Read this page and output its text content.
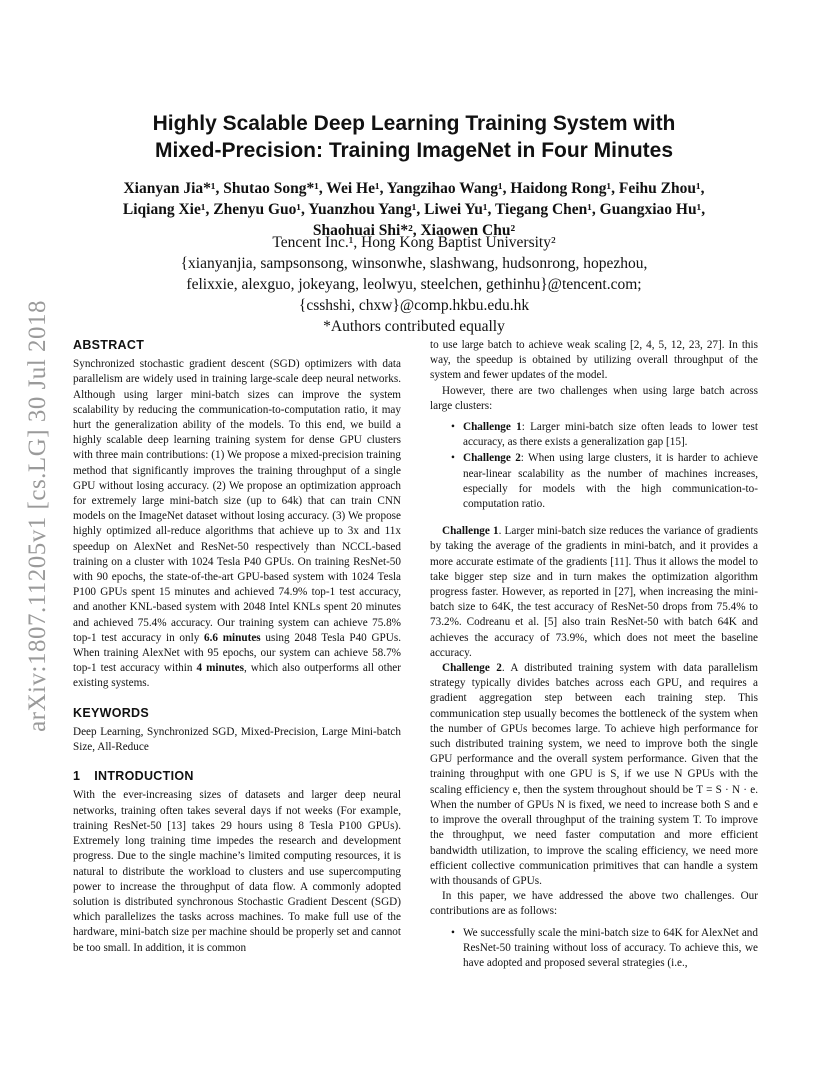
arXiv:1807.11205v1 [cs.LG] 30 Jul 2018
Highly Scalable Deep Learning Training System with
Mixed-Precision: Training ImageNet in Four Minutes
Xianyan Jia*¹, Shutao Song*¹, Wei He¹, Yangzihao Wang¹, Haidong Rong¹, Feihu Zhou¹,
Liqiang Xie¹, Zhenyu Guo¹, Yuanzhou Yang¹, Liwei Yu¹, Tiegang Chen¹, Guangxiao Hu¹,
Shaohuai Shi*², Xiaowen Chu²
Tencent Inc.¹, Hong Kong Baptist University²
{xianyanjia, sampsonsong, winsonwhe, slashwang, hudsonrong, hopezhou,
felixxie, alexguo, jokeyang, leolwyu, steelchen, gethinhu}@tencent.com;
{csshshi, chxw}@comp.hkbu.edu.hk
*Authors contributed equally
ABSTRACT

Synchronized stochastic gradient descent (SGD) optimizers with data parallelism are widely used in training large-scale deep neural networks. Although using larger mini-batch sizes can improve the system scalability by reducing the communication-to-computation ratio, it may hurt the generalization ability of the models. To this end, we build a highly scalable deep learning training system for dense GPU clusters with three main contributions: (1) We propose a mixed-precision training method that significantly improves the training throughput of a single GPU without losing accuracy. (2) We propose an optimization approach for extremely large mini-batch size (up to 64k) that can train CNN models on the ImageNet dataset without losing accuracy. (3) We propose highly optimized all-reduce algorithms that achieve up to 3x and 11x speedup on AlexNet and ResNet-50 respectively than NCCL-based training on a cluster with 1024 Tesla P40 GPUs. On training ResNet-50 with 90 epochs, the state-of-the-art GPU-based system with 1024 Tesla P100 GPUs spent 15 minutes and achieved 74.9% top-1 test accuracy, and another KNL-based system with 2048 Intel KNLs spent 20 minutes and achieved 75.4% accuracy. Our training system can achieve 75.8% top-1 test accuracy in only 6.6 minutes using 2048 Tesla P40 GPUs. When training AlexNet with 95 epochs, our system can achieve 58.7% top-1 test accuracy within 4 minutes, which also outperforms all other existing systems.

KEYWORDS

Deep Learning, Synchronized SGD, Mixed-Precision, Large Mini-batch Size, All-Reduce

1 INTRODUCTION

With the ever-increasing sizes of datasets and larger deep neural networks, training often takes several days if not weeks (For example, training ResNet-50 [13] takes 29 hours using 8 Tesla P100 GPUs). Extremely long training time impedes the research and development progress. Due to the single machine’s limited computing resources, it is natural to distribute the workload to clusters and use supercomputing power to increase the throughput of data flow. A commonly adopted solution is distributed synchronous Stochastic Gradient Descent (SGD) which parallelizes the tasks across machines. To make full use of the hardware, mini-batch size per machine should be properly set and cannot be too small. In addition, it is common

to use large batch to achieve weak scaling [2, 4, 5, 12, 23, 27]. In this way, the speedup is obtained by utilizing overall throughput of the system and fewer updates of the model.

However, there are two challenges when using large batch across large clusters:

• Challenge 1: Larger mini-batch size often leads to lower test accuracy, as there exists a generalization gap [15].
• Challenge 2: When using large clusters, it is harder to achieve near-linear scalability as the number of machines increases, especially for models with the high communication-to-computation ratio.

Challenge 1. Larger mini-batch size reduces the variance of gradients by taking the average of the gradients in mini-batch, and it provides a more accurate estimate of the gradients [11]. Thus it allows the model to take bigger step size and in turn makes the optimization algorithm progress faster. However, as reported in [27], when increasing the mini-batch size to 64K, the test accuracy of ResNet-50 drops from 75.4% to 73.2%. Codreanu et al. [5] also train ResNet-50 with batch 64K and achieves the accuracy of 73.9%, which does not meet the baseline accuracy.

Challenge 2. A distributed training system with data parallelism strategy typically divides batches across each GPU, and requires a gradient aggregation step between each training step. This communication step usually becomes the bottleneck of the system when the number of GPUs becomes large. To achieve high performance for such distributed training system, we need to improve both the single GPU performance and the overall system performance. Given that the training throughput with one GPU is S, if we use N GPUs with the scaling efficiency e, then the system throughout should be T = S · N · e. When the number of GPUs N is fixed, we need to increase both S and e to improve the overall throughput of the training system T. To improve the throughput, we need faster computation and more efficient bandwidth utilization, to improve the scaling efficiency, we need more efficient collective communication primitives that can handle a system with thousands of GPUs.

In this paper, we have addressed the above two challenges. Our contributions are as follows:

• We successfully scale the mini-batch size to 64K for AlexNet and ResNet-50 training without loss of accuracy. To achieve this, we have adopted and proposed several strategies (i.e.,
